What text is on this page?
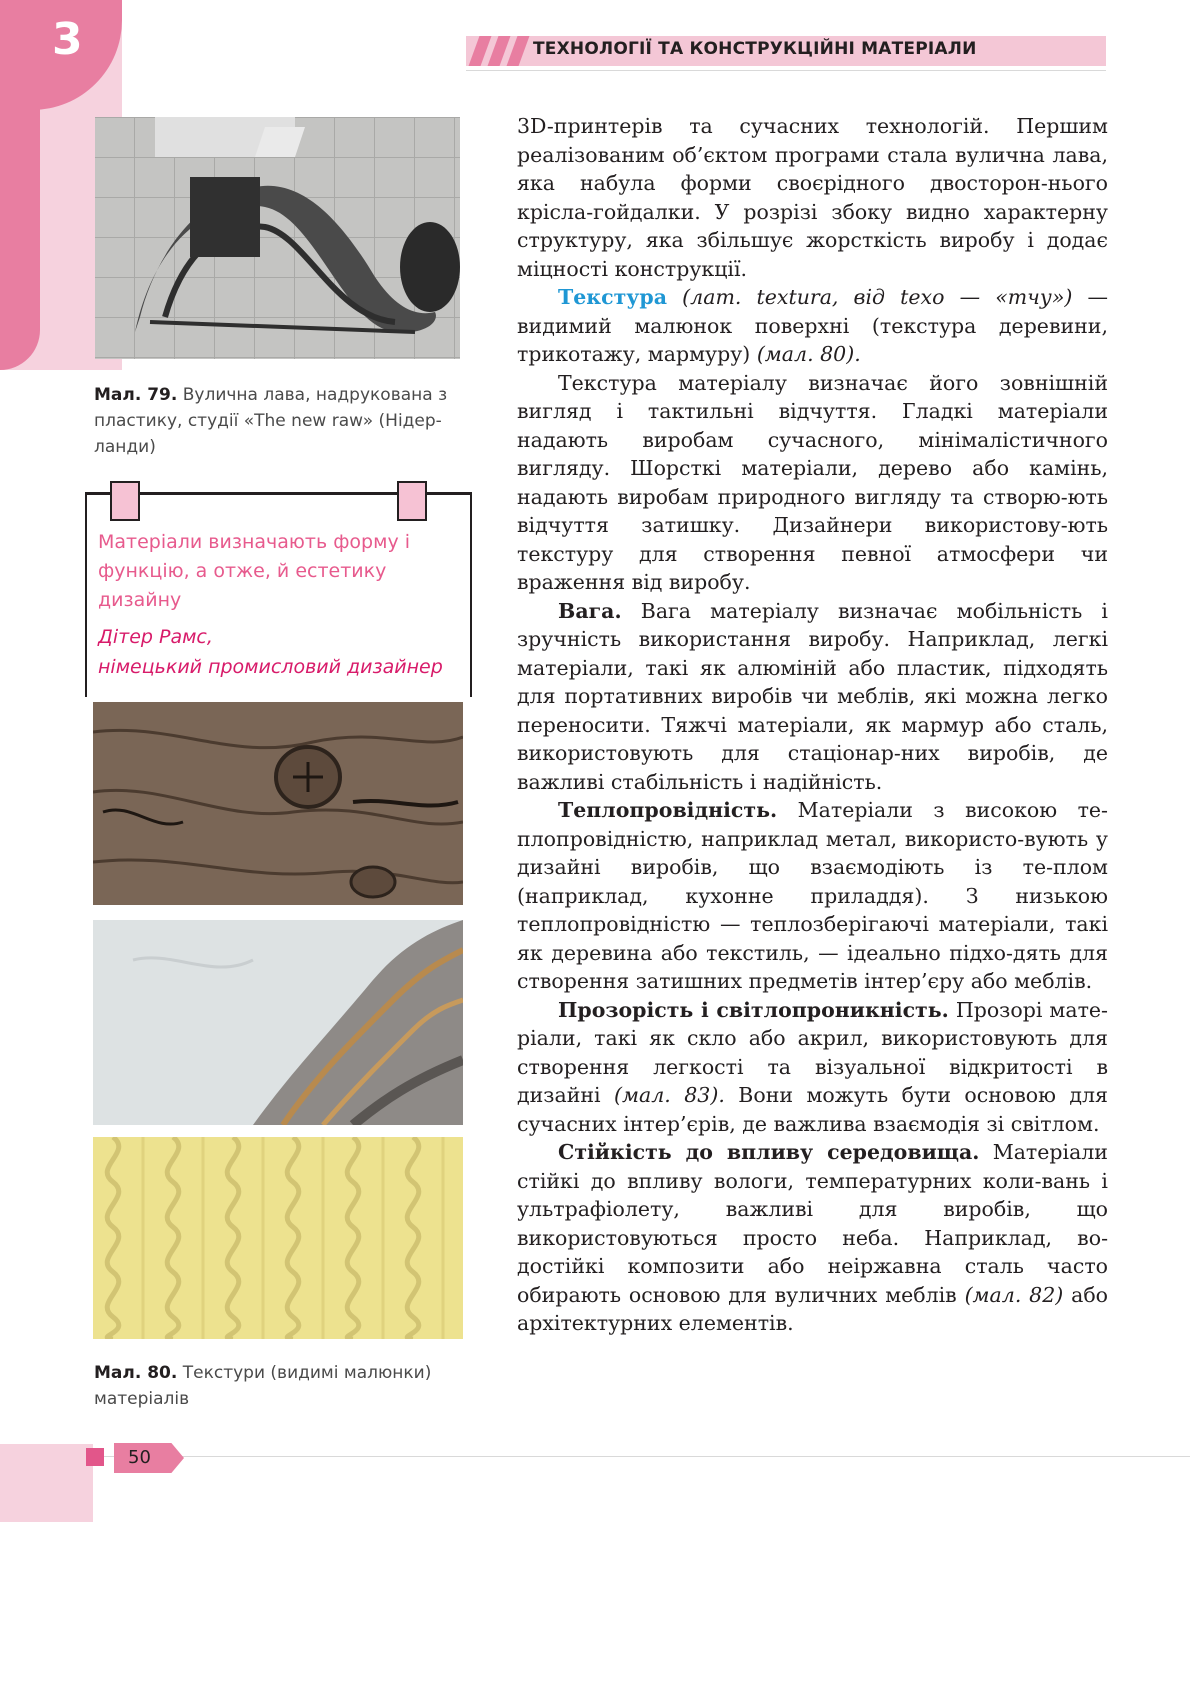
3	ТЕХНОЛОГІЇ ТА КОНСТРУКЦІЙНІ МАТЕРІАЛИ
Мал. 79. Вулична лава, надрукована з пластику, студії «The new raw» (Нідер-ланди)
Матеріали визначають форму і функцію, а отже, й естетику дизайну
Дітер Рамс,
німецький промисловий дизайнер
Мал. 80. Текстури (видимі малюнки) матеріалів

3D-принтерів та сучасних технологій. Першим реалізованим об’єктом програми стала вулична лава, яка набула форми своєрідного двосторон-нього крісла-гойдалки. У розрізі збоку видно характерну структуру, яка збільшує жорсткість виробу і додає міцності конструкції.

Текстура (лат. textura, від texo — «тчу») — видимий малюнок поверхні (текстура деревини, трикотажу, мармуру) (мал. 80).

Текстура матеріалу визначає його зовнішній вигляд і тактильні відчуття. Гладкі матеріали надають виробам сучасного, мінімалістичного вигляду. Шорсткі матеріали, дерево або камінь, надають виробам природного вигляду та створю-ють відчуття затишку. Дизайнери використову-ють текстуру для створення певної атмосфери чи враження від виробу.

Вага. Вага матеріалу визначає мобільність і зручність використання виробу. Наприклад, легкі матеріали, такі як алюміній або пластик, підходять для портативних виробів чи меблів, які можна легко переносити. Тяжчі матеріали, як мармур або сталь, використовують для стаціонар-них виробів, де важливі стабільність і надійність.

Теплопровідність. Матеріали з високою те-плопровідністю, наприклад метал, використо-вують у дизайні виробів, що взаємодіють із те-плом (наприклад, кухонне приладдя). З низькою теплопровідністю — теплозберігаючі матеріали, такі як деревина або текстиль, — ідеально підхо-дять для створення затишних предметів інтер’єру або меблів.

Прозорість і світлопроникність. Прозорі мате-ріали, такі як скло або акрил, використовують для створення легкості та візуальної відкритості в дизайні (мал. 83). Вони можуть бути основою для сучасних інтер’єрів, де важлива взаємодія зі світлом.

Стійкість до впливу середовища. Матеріали стійкі до впливу вологи, температурних коли-вань і ультрафіолету, важливі для виробів, що використовуються просто неба. Наприклад, во-достійкі композити або неіржавна сталь часто обирають основою для вуличних меблів (мал. 82) або архітектурних елементів.

50
